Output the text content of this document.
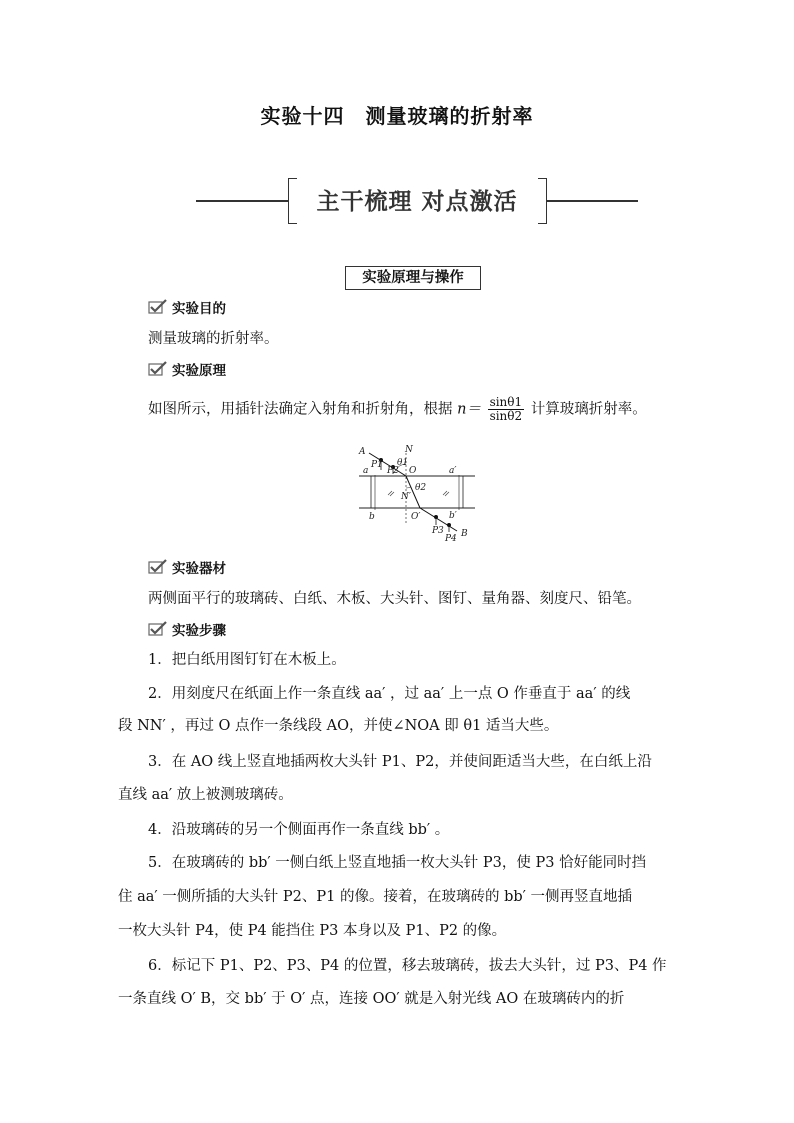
实验十四　测量玻璃的折射率
主干梳理 对点激活
实验原理与操作
实验目的
测量玻璃的折射率。
实验原理
如图所示，用插针法确定入射角和折射角，根据 $n= \frac{\sin\theta 1}{\sin\theta 2}$ 计算玻璃折射率。
A	N
P1
P2
θ1
O
a	a′
N′
θ2
b	O′	b′
P3
P4 B
实验器材
两侧面平行的玻璃砖、白纸、木板、大头针、图钉、量角器、刻度尺、铅笔。
实验步骤
1．把白纸用图钉钉在木板上。
2．用刻度尺在纸面上作一条直线 aa′ ，过 aa′ 上一点 O 作垂直于 aa′ 的线
段 NN′ ，再过 O 点作一条线段 AO，并使∠NOA 即 θ1 适当大些。
3．在 AO 线上竖直地插两枚大头针 P1、P2，并使间距适当大些，在白纸上沿
直线 aa′ 放上被测玻璃砖。
4．沿玻璃砖的另一个侧面再作一条直线 bb′ 。
5．在玻璃砖的 bb′ 一侧白纸上竖直地插一枚大头针 P3，使 P3 恰好能同时挡
住 aa′ 一侧所插的大头针 P2、P1 的像。接着，在玻璃砖的 bb′ 一侧再竖直地插
一枚大头针 P4，使 P4 能挡住 P3 本身以及 P1、P2 的像。
6．标记下 P1、P2、P3、P4 的位置，移去玻璃砖，拔去大头针，过 P3、P4 作
一条直线 O′ B，交 bb′ 于 O′ 点，连接 OO′ 就是入射光线 AO 在玻璃砖内的折
